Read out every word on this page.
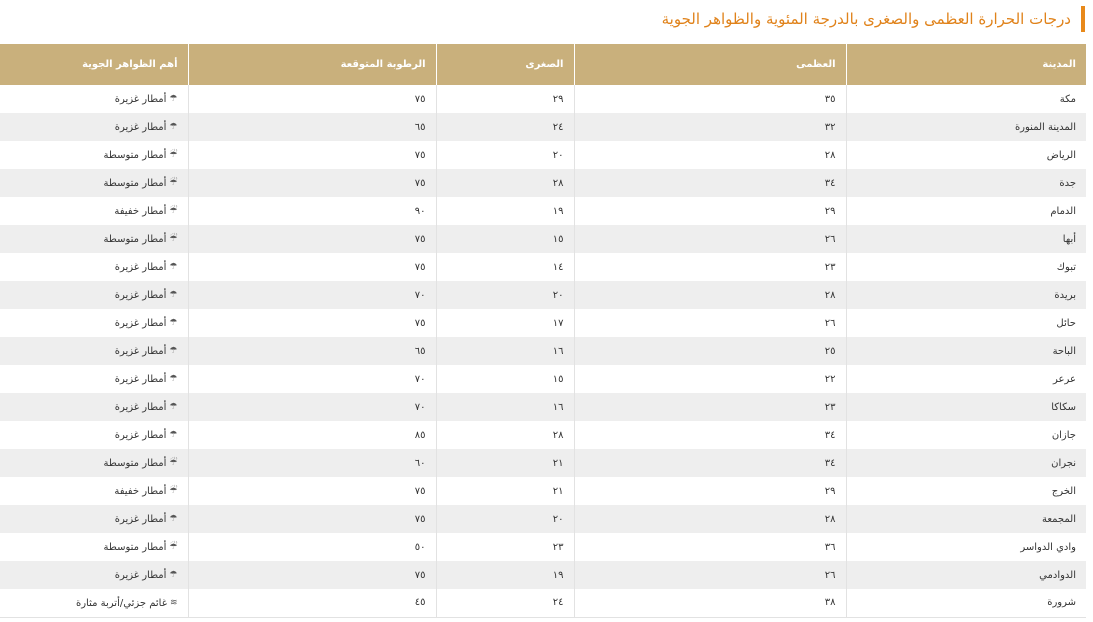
درجات الحرارة العظمى والصغرى بالدرجة المئوية والظواهر الجوية
المدينة	العظمى	الصغرى	الرطوبة المتوقعة	أهم الظواهر الجوية
مكة	٣٥	٢٩	٧٥	☂
أمطار غزيرة

المدينة المنورة	٣٢	٢٤	٦٥	☂
أمطار غزيرة

الرياض	٢٨	٢٠	٧٥	☔
أمطار متوسطة

جدة	٣٤	٢٨	٧٥	☔
أمطار متوسطة

الدمام	٢٩	١٩	٩٠	☔
أمطار خفيفة

أبها	٢٦	١٥	٧٥	☔
أمطار متوسطة

تبوك	٢٣	١٤	٧٥	☂
أمطار غزيرة

بريدة	٢٨	٢٠	٧٠	☂
أمطار غزيرة

حائل	٢٦	١٧	٧٥	☂
أمطار غزيرة

الباحة	٢٥	١٦	٦٥	☂
أمطار غزيرة

عرعر	٢٢	١٥	٧٠	☂
أمطار غزيرة

سكاكا	٢٣	١٦	٧٠	☂
أمطار غزيرة

جازان	٣٤	٢٨	٨٥	☂
أمطار غزيرة

نجران	٣٤	٢١	٦٠	☔
أمطار متوسطة

الخرج	٢٩	٢١	٧٥	☔
أمطار خفيفة

المجمعة	٢٨	٢٠	٧٥	☂
أمطار غزيرة

وادي الدواسر	٣٦	٢٣	٥٠	☔
أمطار متوسطة

الدوادمي	٢٦	١٩	٧٥	☂
أمطار غزيرة

شرورة	٣٨	٢٤	٤٥	≋
غائم جزئي/أتربة مثارة
